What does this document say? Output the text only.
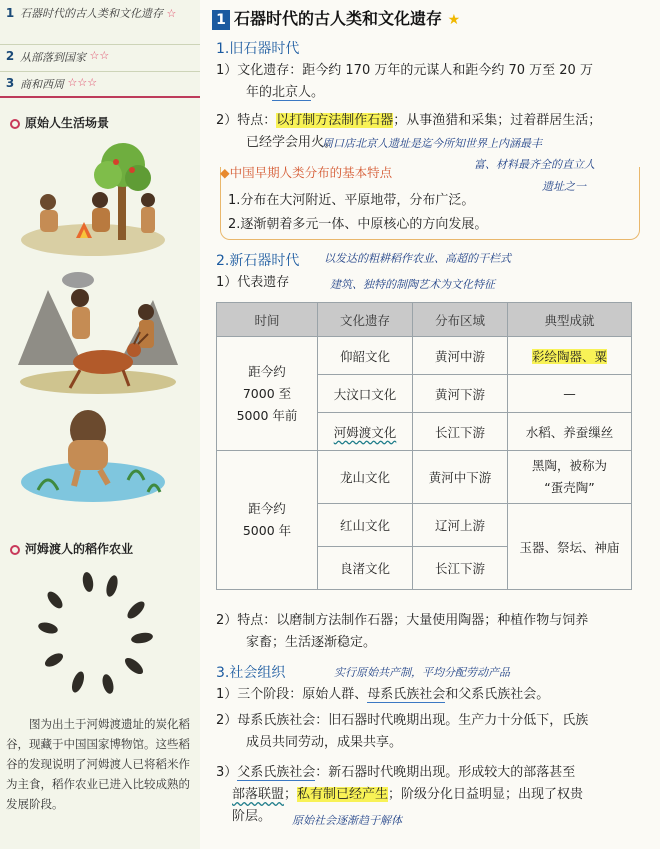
1 石器时代的古人类和文化遗存 ☆
2 从部落到国家
☆☆
3 商和西周
☆☆☆
原始人生活场景
河姆渡人的稻作农业
图为出土于河姆渡遗址的炭化稻谷，现藏于中国国家博物馆。这些稻谷的发现说明了河姆渡人已将稻米作为主食，稻作农业已进入比较成熟的发展阶段。
1 石器时代的古人类和文化遗存 ★
1.旧石器时代
1）文化遗存：距今约 170 万年的元谋人和距今约 70 万至 20 万
年的北京人。
2）特点：以打制方法制作石器；从事渔猎和采集；过着群居生活；
已经学会用火。
周口店北京人遗址是迄今所知世界上内涵最丰
富、材料最齐全的直立人
遗址之一
◆中国早期人类分布的基本特点
1.分布在大河附近、平原地带，分布广泛。
2.逐渐朝着多元一体、中原核心的方向发展。
2.新石器时代 以发达的粗耕稻作农业、高超的干栏式
1）代表遗存	建筑、独特的制陶艺术为文化特征
时间	文化遗存	分布区域	典型成就
距今约
7000 至
5000 年前	仰韶文化	黄河中游	彩绘陶器、粟
	大汶口文化	黄河下游	—
	河姆渡文化	长江下游	水稻、养蚕缫丝
距今约
5000 年	龙山文化	黄河中下游	黑陶，被称为
“蛋壳陶”
	红山文化	辽河上游	玉器、祭坛、神庙
	良渚文化	长江下游	
2）特点：以磨制方法制作石器；大量使用陶器；种植作物与饲养
家畜；生活逐渐稳定。
3.社会组织	实行原始共产制，平均分配劳动产品
1）三个阶段：原始人群、母系氏族社会和父系氏族社会。
2）母系氏族社会：旧石器时代晚期出现。生产力十分低下，氏族
成员共同劳动，成果共享。
3）父系氏族社会：新石器时代晚期出现。形成较大的部落甚至
部落联盟；私有制已经产生；阶级分化日益明显；出现了权贵
阶层。	原始社会逐渐趋于解体
